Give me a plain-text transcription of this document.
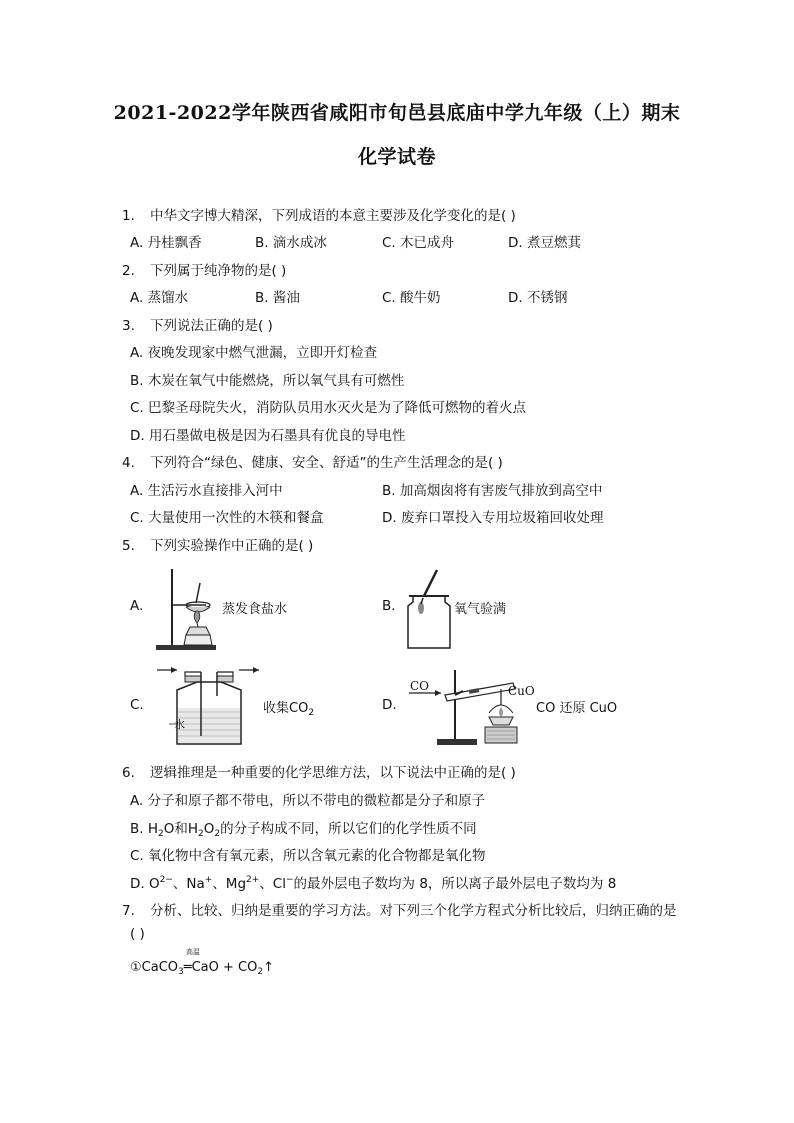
2021-2022学年陕西省咸阳市旬邑县底庙中学九年级（上）期末
化学试卷
1. 中华文字博大精深，下列成语的本意主要涉及化学变化的是( )
A. 丹桂飘香	B. 滴水成冰	C. 木已成舟	D. 煮豆燃萁
2. 下列属于纯净物的是( )
A. 蒸馏水	B. 酱油	C. 酸牛奶	D. 不锈钢
3. 下列说法正确的是( )
A. 夜晚发现家中燃气泄漏，立即开灯检查
B. 木炭在氧气中能燃烧，所以氧气具有可燃性
C. 巴黎圣母院失火，消防队员用水灭火是为了降低可燃物的着火点
D. 用石墨做电极是因为石墨具有优良的导电性
4. 下列符合“绿色、健康、安全、舒适”的生产生活理念的是( )
A. 生活污水直接排入河中	B. 加高烟囱将有害废气排放到高空中
C. 大量使用一次性的木筷和餐盒	D. 废弃口罩投入专用垃圾箱回收处理
5. 下列实验操作中正确的是( )
A.	蒸发食盐水	B.	氧气验满
C.
水
收集$CO_2$	D.
CO	CuO
CO 还原 CuO
6. 逻辑推理是一种重要的化学思维方法，以下说法中正确的是( )
A. 分子和原子都不带电，所以不带电的微粒都是分子和原子
B. $H_2O$和$H_2O_2$的分子构成不同，所以它们的化学性质不同
C. 氧化物中含有氧元素，所以含氧元素的化合物都是氧化物
D. $O^{2-}$、Na+、$Mg^{2+}$、Cl−的最外层电子数均为 8，所以离子最外层电子数均为 8
7. 分析、比较、归纳是重要的学习方法。对下列三个化学方程式分析比较后，归纳正确的是
( )
高温
①CaCO$_3$═CaO + $CO_2↑$
